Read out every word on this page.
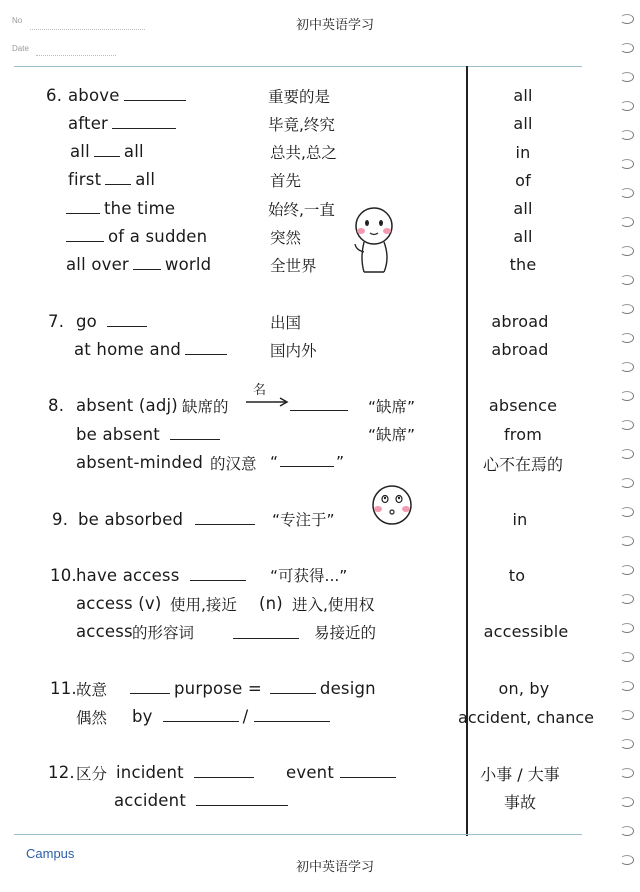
No
Date
初中英语学习
6. above	重要的是	all
after	毕竟,终究	all
all all	总共,总之	in
first all	首先	of
the time	始终,一直	all
of a sudden	突然	all
all over world	全世界	the
7. go	出国	abroad
at home and	国内外	abroad
8. absent (adj) 缺席的
名
“缺席”	absence
be absent	“缺席”	from
absent-minded 的汉意 “	”	心不在焉的
9. be absorbed	“专注于”	in
10. have access	“可获得...”	to
access (v) 使用,接近 (n) 进入,使用权
access 的形容词	易接近的	accessible
11. 故意	purpose =	design	on, by
偶然 by	/	accident, chance
12. 区分 incident	event	小事 / 大事
accident	事故
Campus
初中英语学习
